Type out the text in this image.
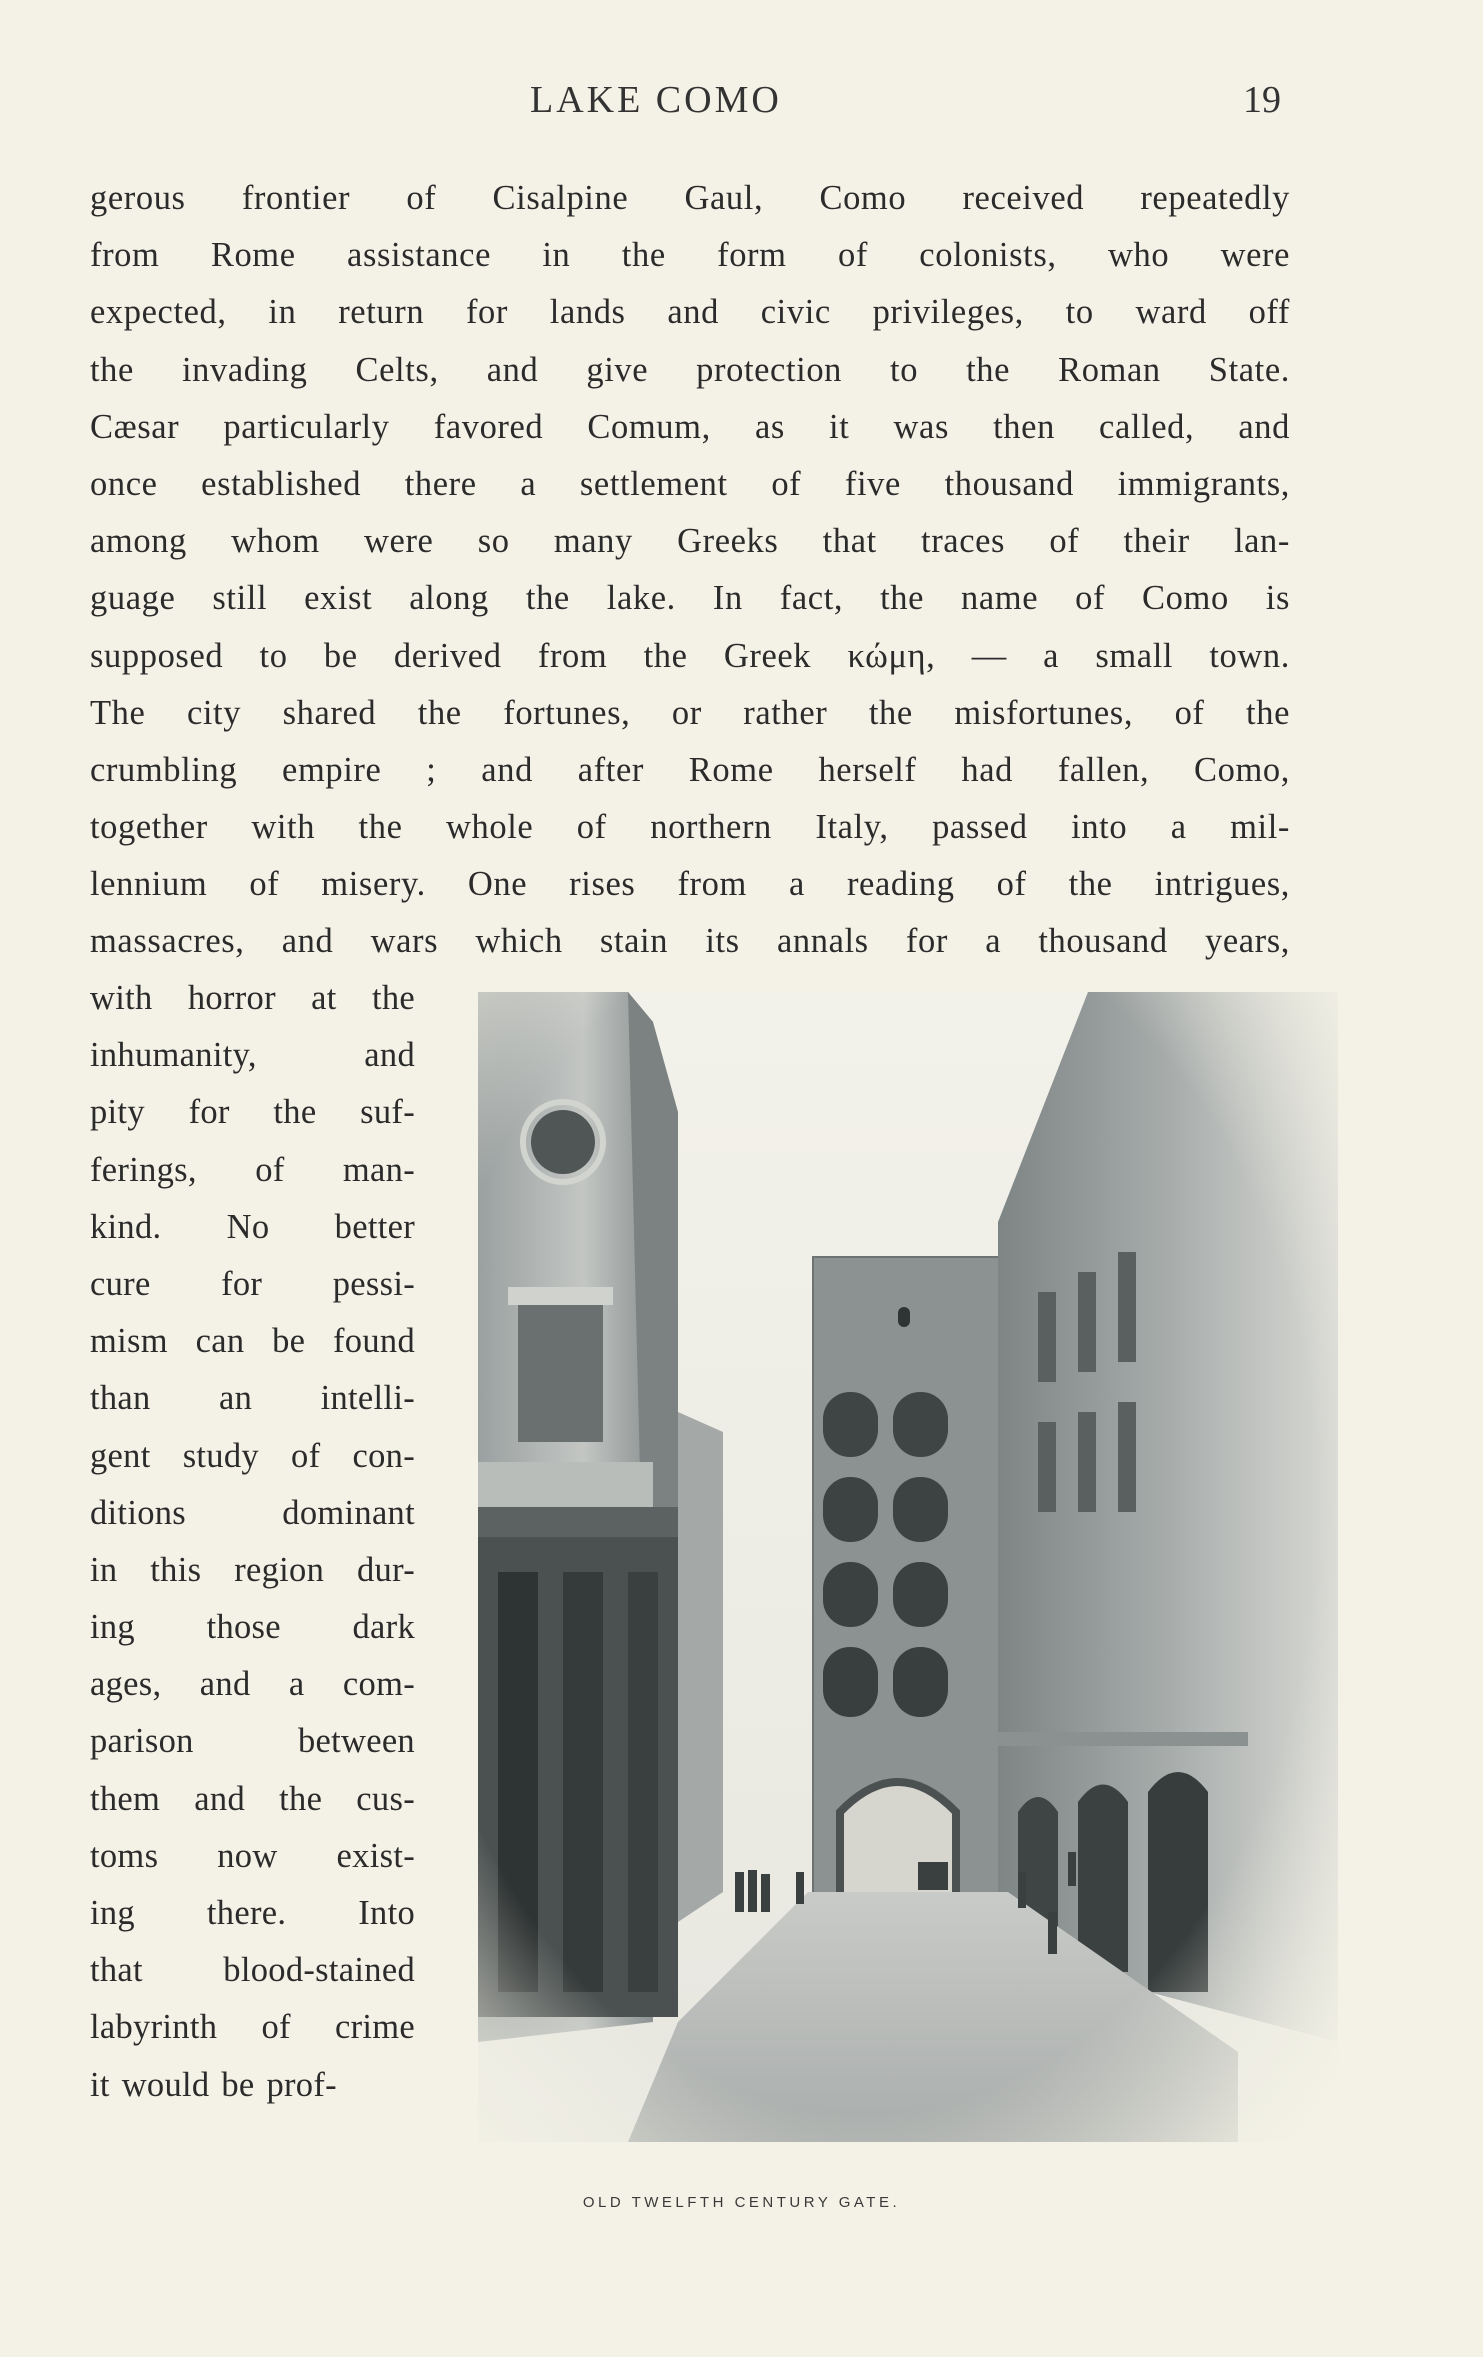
LAKE COMO	19
gerous frontier of Cisalpine Gaul, Como received repeatedly
from Rome assistance in the form of colonists, who were
expected, in return for lands and civic privileges, to ward off
the invading Celts, and give protection to the Roman State.
Cæsar particularly favored Comum, as it was then called, and
once established there a settlement of five thousand immigrants,
among whom were so many Greeks that traces of their lan-
guage still exist along the lake. In fact, the name of Como is
supposed to be derived from the Greek κώμη, — a small town.
The city shared the fortunes, or rather the misfortunes, of the
crumbling empire ; and after Rome herself had fallen, Como,
together with the whole of northern Italy, passed into a mil-
lennium of misery. One rises from a reading of the intrigues,
massacres, and wars which stain its annals for a thousand years,
with horror at the
inhumanity, and
pity for the suf-
ferings, of man-
kind. No better
cure for pessi-
mism can be found
than an intelli-
gent study of con-
ditions dominant
in this region dur-
ing those dark
ages, and a com-
parison between
them and the cus-
toms now exist-
ing there. Into
that blood-stained
labyrinth of crime
it would be prof-
OLD TWELFTH CENTURY GATE.
